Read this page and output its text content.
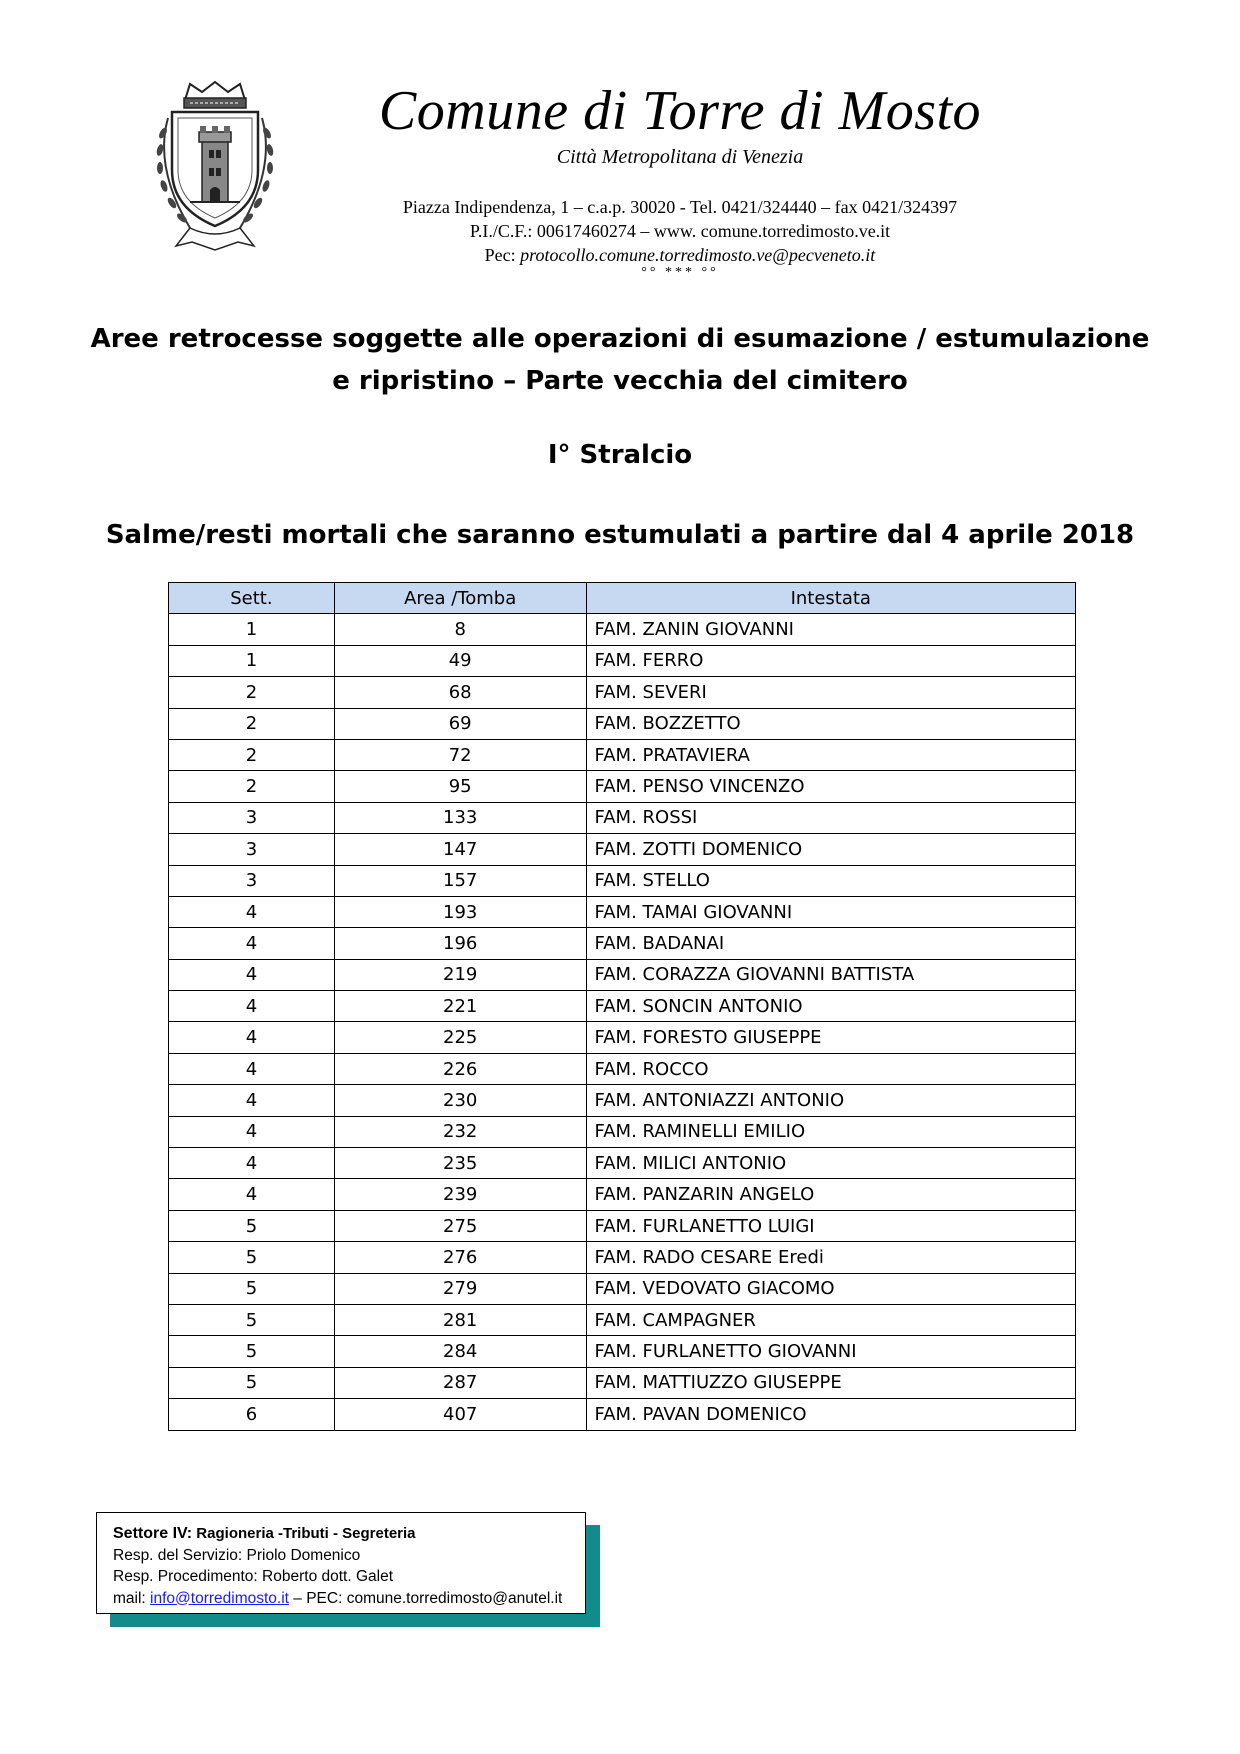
Comune di Torre di Mosto
Città Metropolitana di Venezia
Piazza Indipendenza, 1 – c.a.p. 30020 - Tel. 0421/324440 – fax 0421/324397
P.I./C.F.: 00617460274 – www. comune.torredimosto.ve.it
Pec: protocollo.comune.torredimosto.ve@pecveneto.it
°° *** °°
Aree retrocesse soggette alle operazioni di esumazione / estumulazione
e ripristino – Parte vecchia del cimitero
I° Stralcio
Salme/resti mortali che saranno estumulati a partire dal 4 aprile 2018
Sett.	Area /Tomba	Intestata
1	8	FAM. ZANIN GIOVANNI
1	49	FAM. FERRO
2	68	FAM. SEVERI
2	69	FAM. BOZZETTO
2	72	FAM. PRATAVIERA
2	95	FAM. PENSO VINCENZO
3	133	FAM. ROSSI
3	147	FAM. ZOTTI DOMENICO
3	157	FAM. STELLO
4	193	FAM. TAMAI GIOVANNI
4	196	FAM. BADANAI
4	219	FAM. CORAZZA GIOVANNI BATTISTA
4	221	FAM. SONCIN ANTONIO
4	225	FAM. FORESTO GIUSEPPE
4	226	FAM. ROCCO
4	230	FAM. ANTONIAZZI ANTONIO
4	232	FAM. RAMINELLI EMILIO
4	235	FAM. MILICI ANTONIO
4	239	FAM. PANZARIN ANGELO
5	275	FAM. FURLANETTO LUIGI
5	276	FAM. RADO CESARE Eredi
5	279	FAM. VEDOVATO GIACOMO
5	281	FAM. CAMPAGNER
5	284	FAM. FURLANETTO GIOVANNI
5	287	FAM. MATTIUZZO GIUSEPPE
6	407	FAM. PAVAN DOMENICO
Settore IV: Ragioneria -Tributi - Segreteria
Resp. del Servizio: Priolo Domenico
Resp. Procedimento: Roberto dott. Galet
mail: info@torredimosto.it – PEC: comune.torredimosto@anutel.it
